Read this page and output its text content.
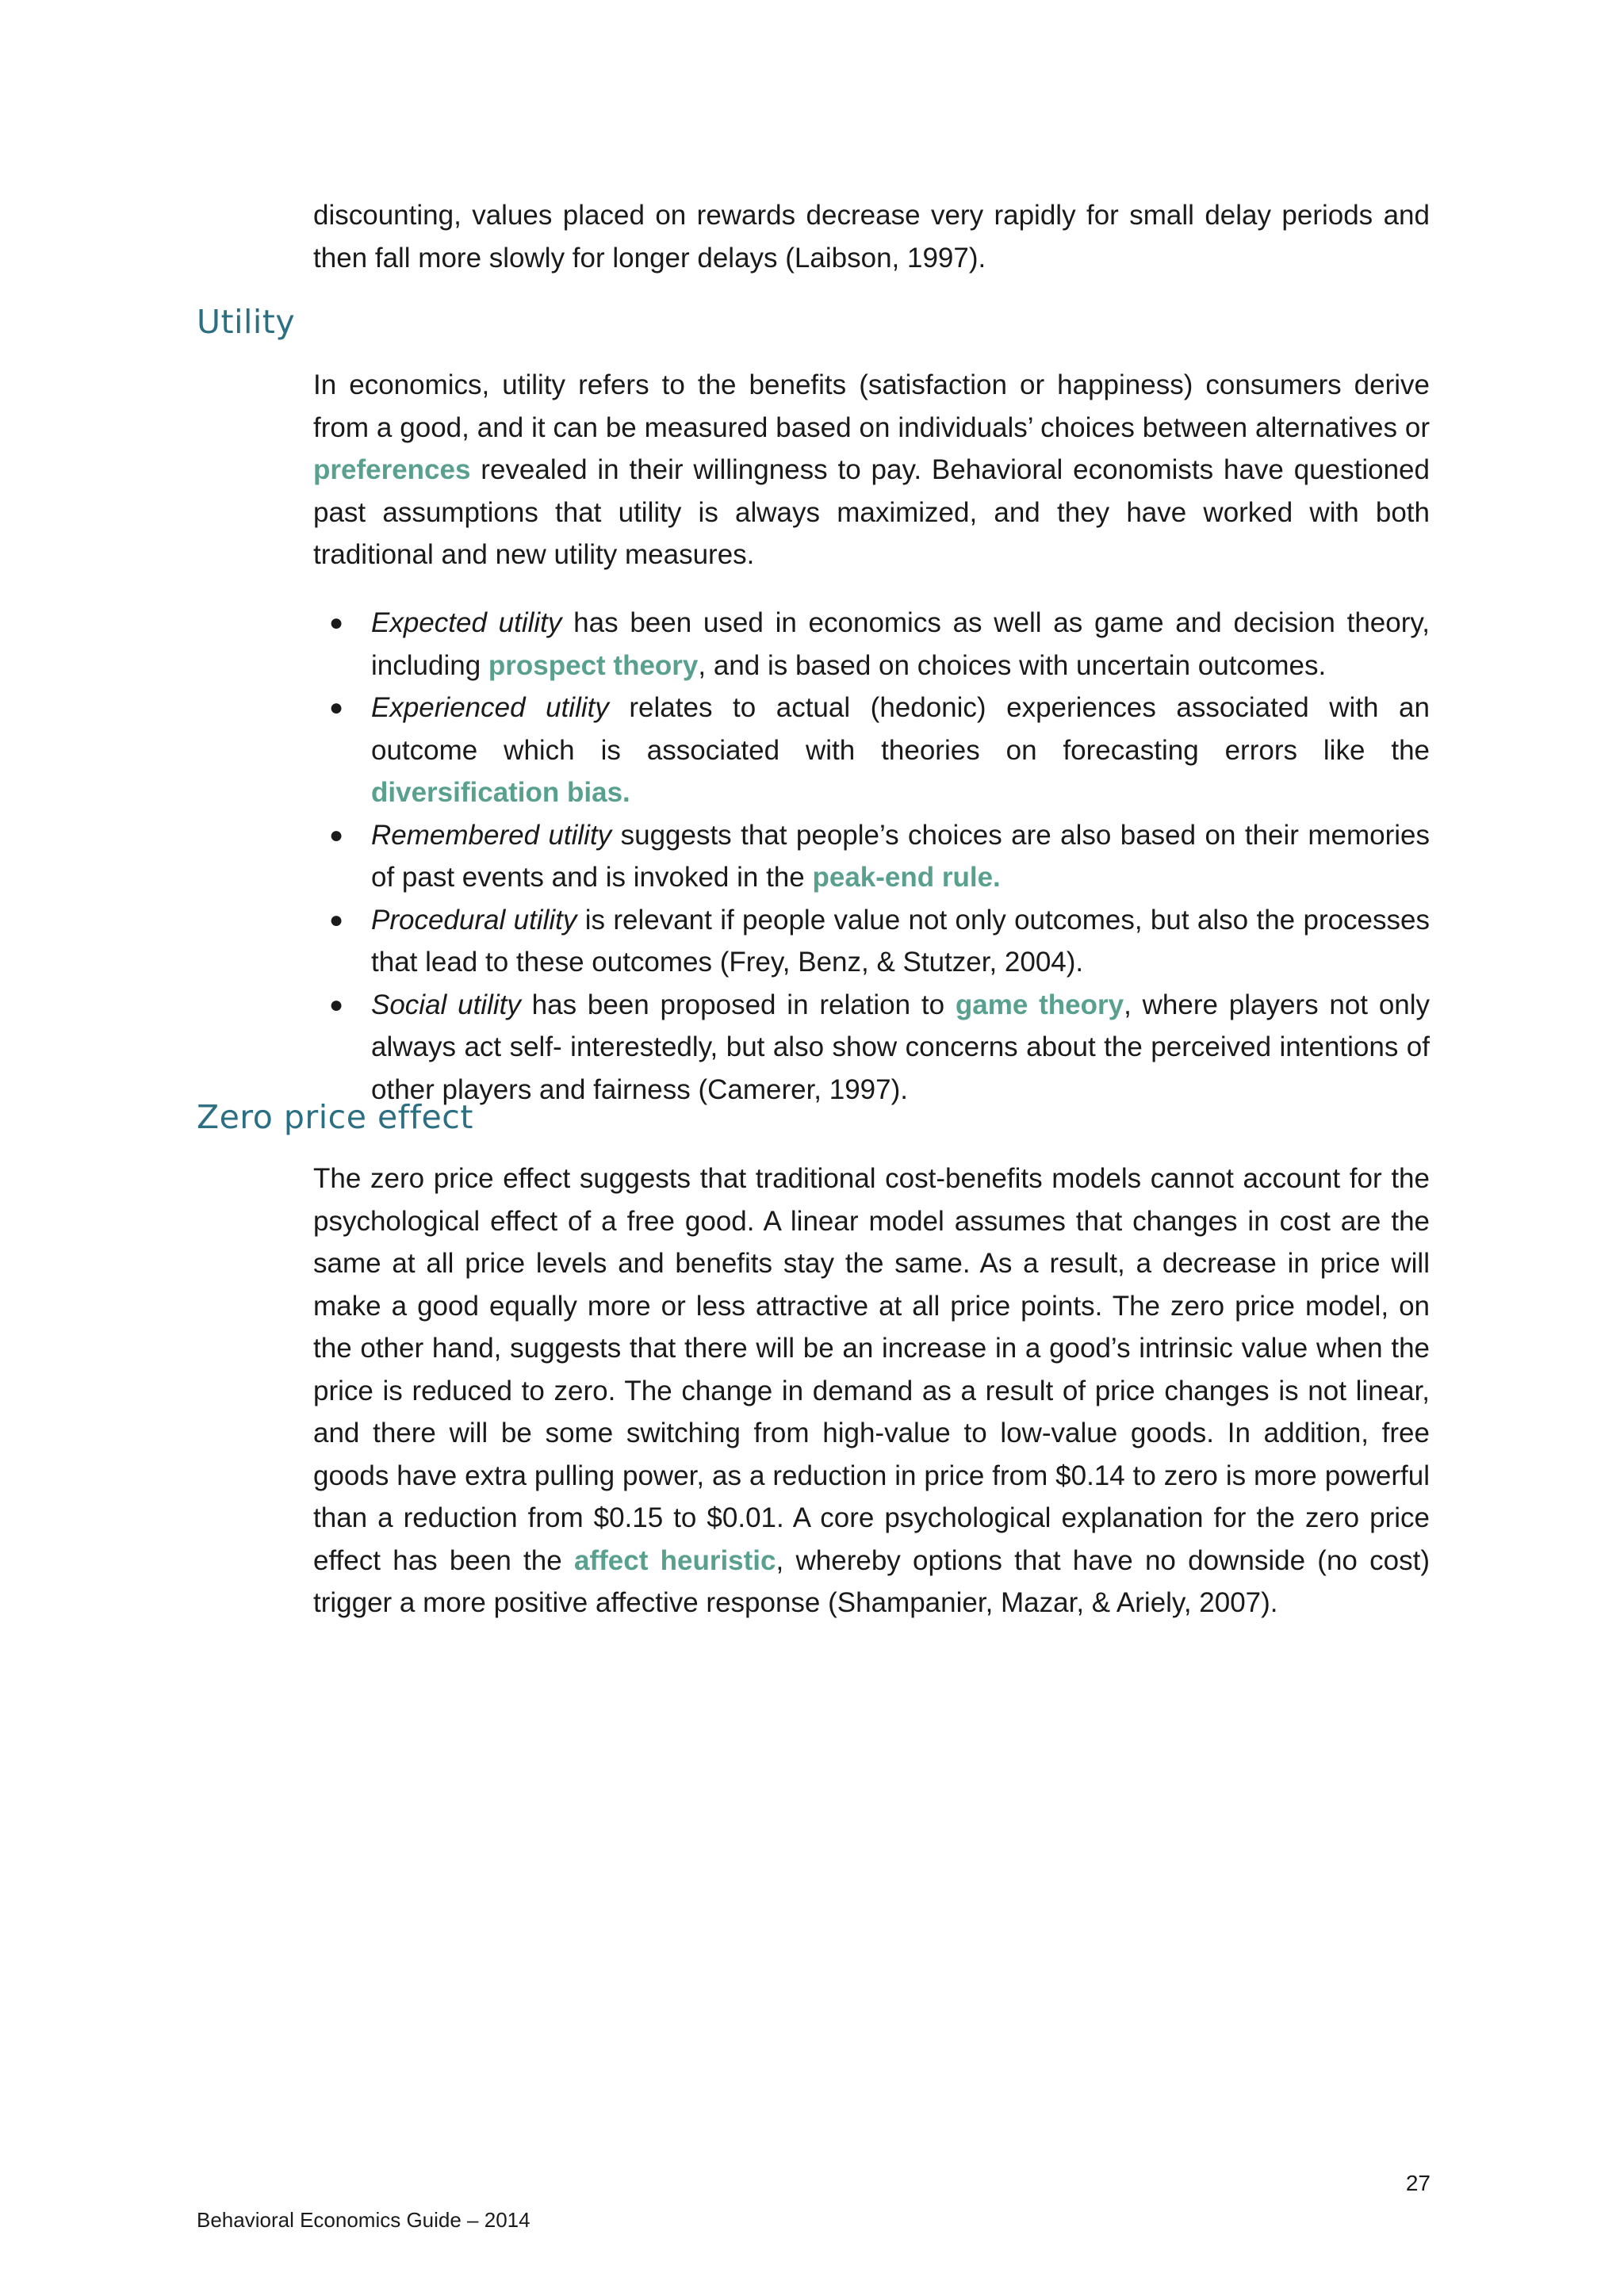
discounting, values placed on rewards decrease very rapidly for small delay periods and then fall more slowly for longer delays (Laibson, 1997).

Utility

In economics, utility refers to the benefits (satisfaction or happiness) consumers derive from a good, and it can be measured based on individuals’ choices between alternatives or preferences revealed in their willingness to pay. Behavioral economists have questioned past assumptions that utility is always maximized, and they have worked with both traditional and new utility measures.

● Expected utility has been used in economics as well as game and decision theory, including prospect theory, and is based on choices with uncertain outcomes.
● Experienced utility relates to actual (hedonic) experiences associated with an outcome which is associated with theories on forecasting errors like the diversification bias.
● Remembered utility suggests that people’s choices are also based on their memories of past events and is invoked in the peak-end rule.
● Procedural utility is relevant if people value not only outcomes, but also the processes that lead to these outcomes (Frey, Benz, & Stutzer, 2004).
● Social utility has been proposed in relation to game theory, where players not only always act self- interestedly, but also show concerns about the perceived intentions of other players and fairness (Camerer, 1997).
Zero price effect

The zero price effect suggests that traditional cost-benefits models cannot account for the psychological effect of a free good. A linear model assumes that changes in cost are the same at all price levels and benefits stay the same. As a result, a decrease in price will make a good equally more or less attractive at all price points. The zero price model, on the other hand, suggests that there will be an increase in a good’s intrinsic value when the price is reduced to zero. The change in demand as a result of price changes is not linear, and there will be some switching from high-value to low-value goods. In addition, free goods have extra pulling power, as a reduction in price from $0.14 to zero is more powerful than a reduction from $0.15 to $0.01. A core psychological explanation for the zero price effect has been the affect heuristic, whereby options that have no downside (no cost) trigger a more positive affective response (Shampanier, Mazar, & Ariely, 2007).

27
Behavioral Economics Guide – 2014
